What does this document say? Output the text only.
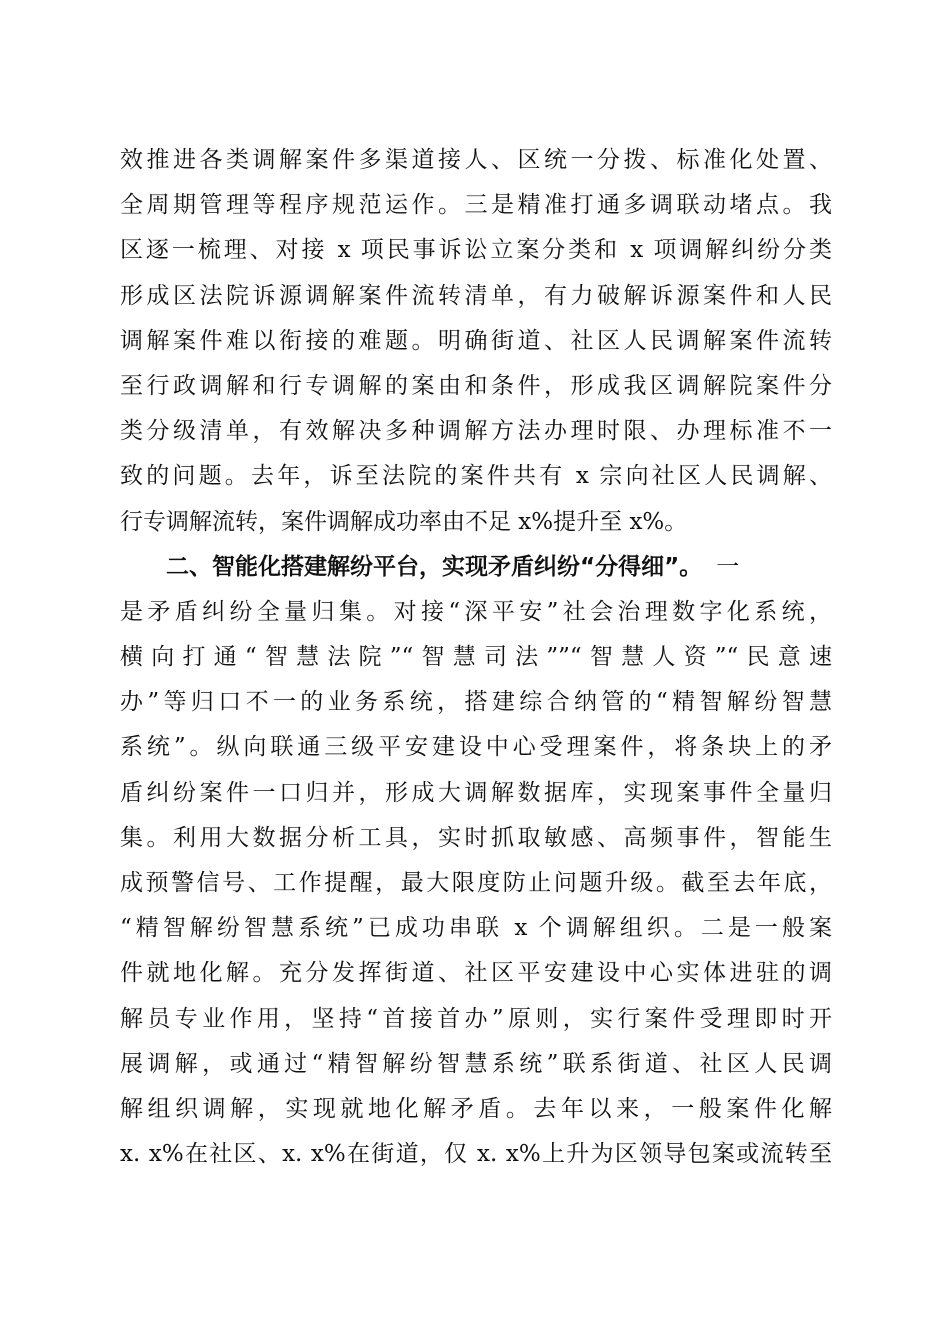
效推进各类调解案件多渠道接人、区统一分拨、标准化处置、
全周期管理等程序规范运作。三是精准打通多调联动堵点。我
区逐一梳理、对接 x 项民事诉讼立案分类和 x 项调解纠纷分类
形成区法院诉源调解案件流转清单，有力破解诉源案件和人民
调解案件难以衔接的难题。明确街道、社区人民调解案件流转
至行政调解和行专调解的案由和条件，形成我区调解院案件分
类分级清单，有效解决多种调解方法办理时限、办理标准不一
致的问题。去年，诉至法院的案件共有 x 宗向社区人民调解、
行专调解流转，案件调解成功率由不足 x%提升至 x%。
二、智能化搭建解纷平台，实现矛盾纠纷“分得细”。 一
是矛盾纠纷全量归集。对接“深平安”社会治理数字化系统，
横向打通“智慧法院”“智慧司法””“智慧人资”“民意速
办”等归口不一的业务系统，搭建综合纳管的“精智解纷智慧
系统”。纵向联通三级平安建设中心受理案件，将条块上的矛
盾纠纷案件一口归并，形成大调解数据库，实现案事件全量归
集。利用大数据分析工具，实时抓取敏感、高频事件，智能生
成预警信号、工作提醒，最大限度防止问题升级。截至去年底，
“精智解纷智慧系统”已成功串联 x 个调解组织。二是一般案
件就地化解。充分发挥街道、社区平安建设中心实体进驻的调
解员专业作用，坚持“首接首办”原则，实行案件受理即时开
展调解，或通过“精智解纷智慧系统”联系街道、社区人民调
解组织调解，实现就地化解矛盾。去年以来，一般案件化解
x. x%在社区、x. x%在街道，仅 x. x%上升为区领导包案或流转至
